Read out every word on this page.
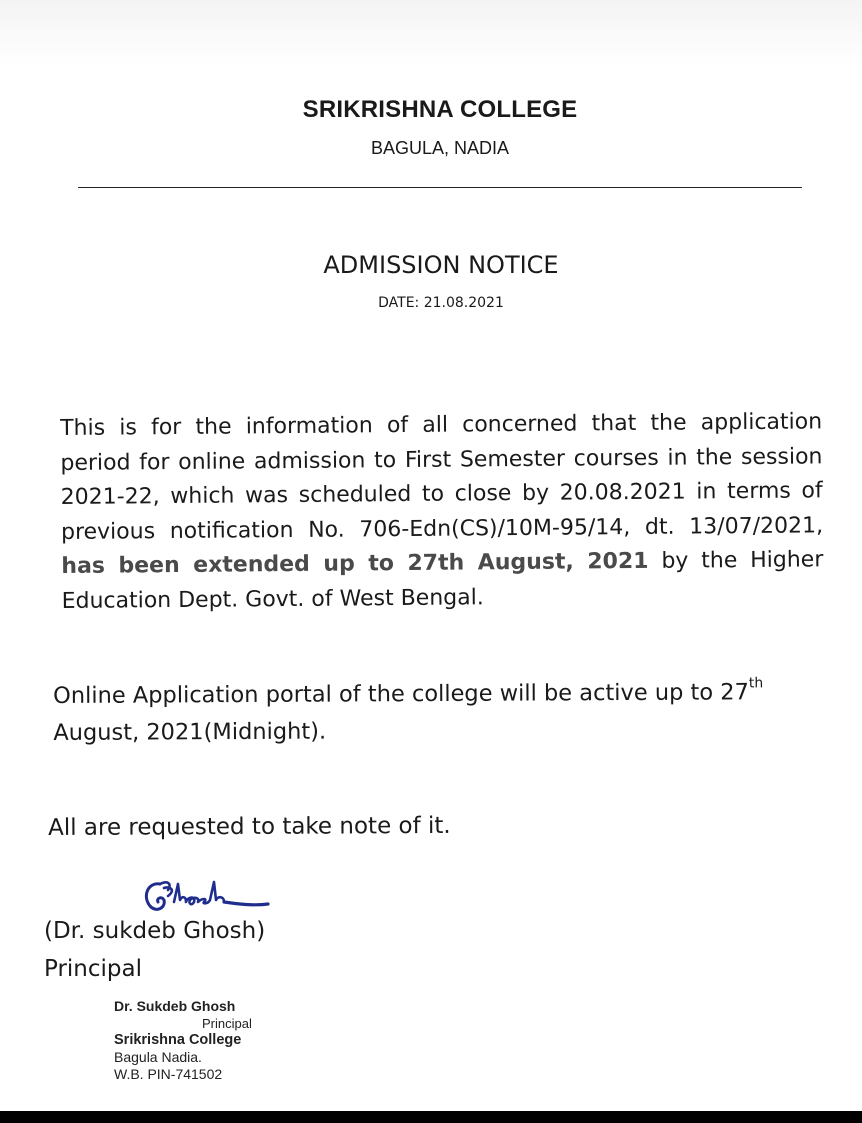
SRIKRISHNA COLLEGE
BAGULA, NADIA
ADMISSION NOTICE
DATE: 21.08.2021

This is for the information of all concerned that the application period for online admission to First Semester courses in the session 2021-22, which was scheduled to close by 20.08.2021 in terms of previous notification No. 706-Edn(CS)/10M-95/14, dt. 13/07/2021, has been extended up to 27th August, 2021 by the Higher Education Dept. Govt. of West Bengal.

Online Application portal of the college will be active up to 27th August, 2021(Midnight).

All are requested to take note of it.

(Dr. sukdeb Ghosh)
Principal
Dr. Sukdeb Ghosh
Principal
Srikrishna College
Bagula Nadia.
W.B. PIN-741502
